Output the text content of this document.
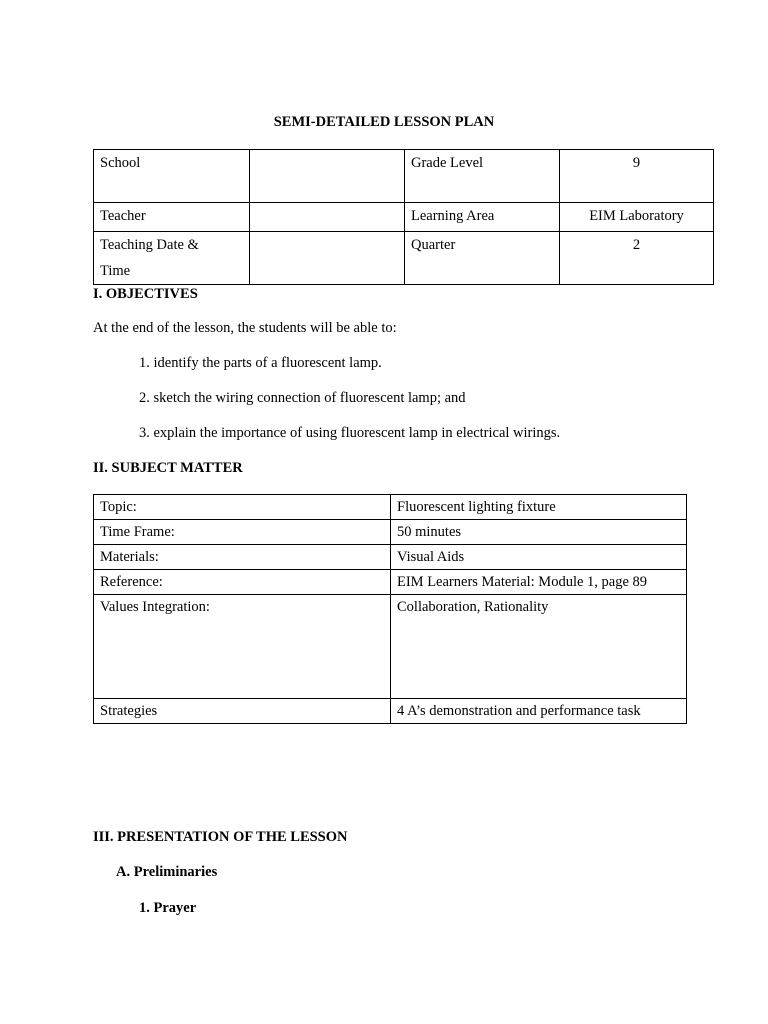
SEMI-DETAILED LESSON PLAN
School		Grade Level	9
Teacher		Learning Area	EIM Laboratory

Teaching Date &
Time		Quarter	2
I. OBJECTIVES
At the end of the lesson, the students will be able to:
1. identify the parts of a fluorescent lamp.
2. sketch the wiring connection of fluorescent lamp; and
3. explain the importance of using fluorescent lamp in electrical wirings.
II. SUBJECT MATTER
Topic:	Fluorescent lighting fixture
Time Frame:	50 minutes
Materials:	Visual Aids
Reference:	EIM Learners Material: Module 1, page 89
Values Integration:	Collaboration, Rationality
Strategies	4 A’s demonstration and performance task
III. PRESENTATION OF THE LESSON
A. Preliminaries
1. Prayer
